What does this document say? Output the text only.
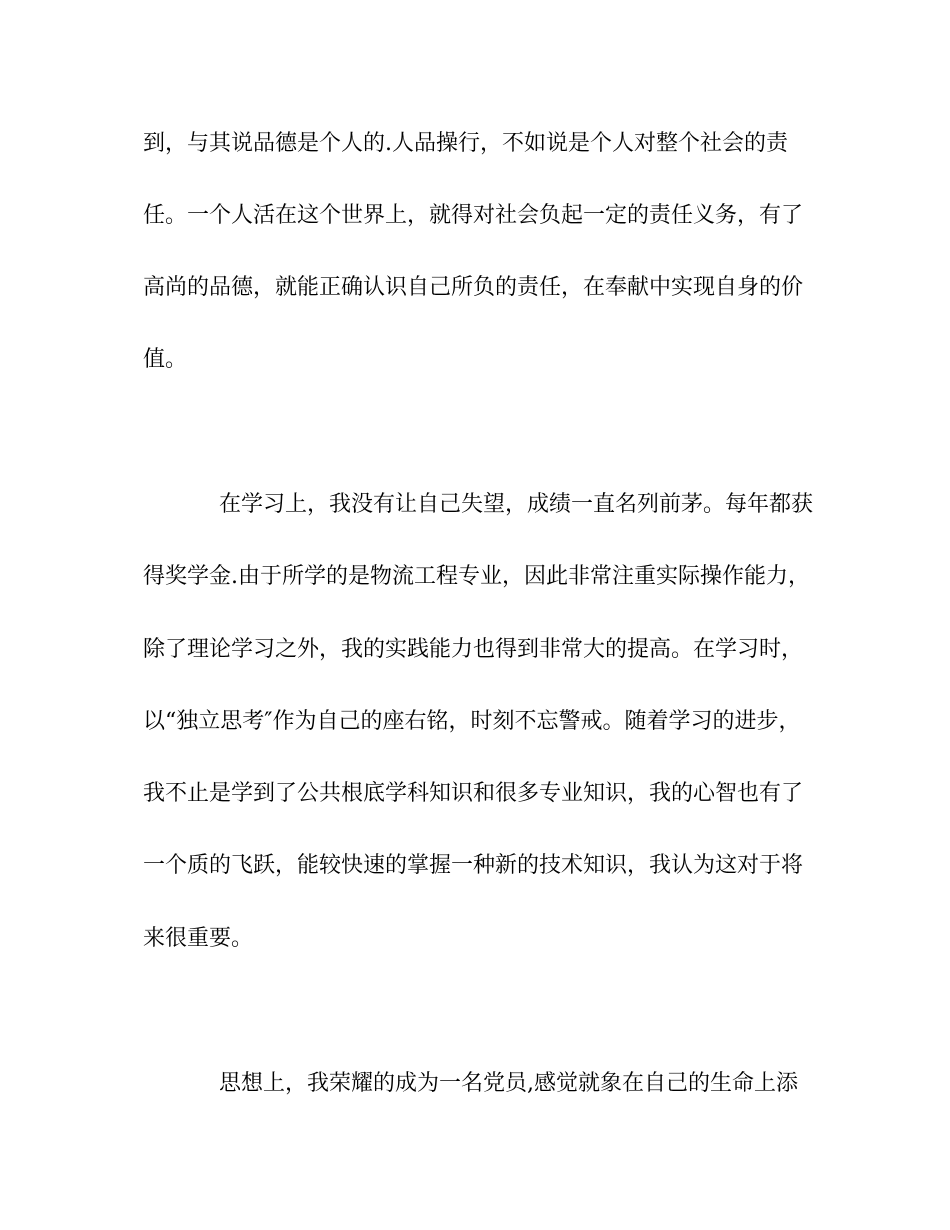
到，与其说品德是个人的.人品操行，不如说是个人对整个社会的责
任。一个人活在这个世界上，就得对社会负起一定的责任义务，有了
高尚的品德，就能正确认识自己所负的责任，在奉献中实现自身的价
值。
在学习上，我没有让自己失望，成绩一直名列前茅。每年都获
得奖学金.由于所学的是物流工程专业，因此非常注重实际操作能力，
除了理论学习之外，我的实践能力也得到非常大的提高。在学习时，
以“独立思考″作为自己的座右铭，时刻不忘警戒。随着学习的进步，
我不止是学到了公共根底学科知识和很多专业知识，我的心智也有了
一个质的飞跃，能较快速的掌握一种新的技术知识，我认为这对于将
来很重要。
思想上，我荣耀的成为一名党员,感觉就象在自己的生命上添
